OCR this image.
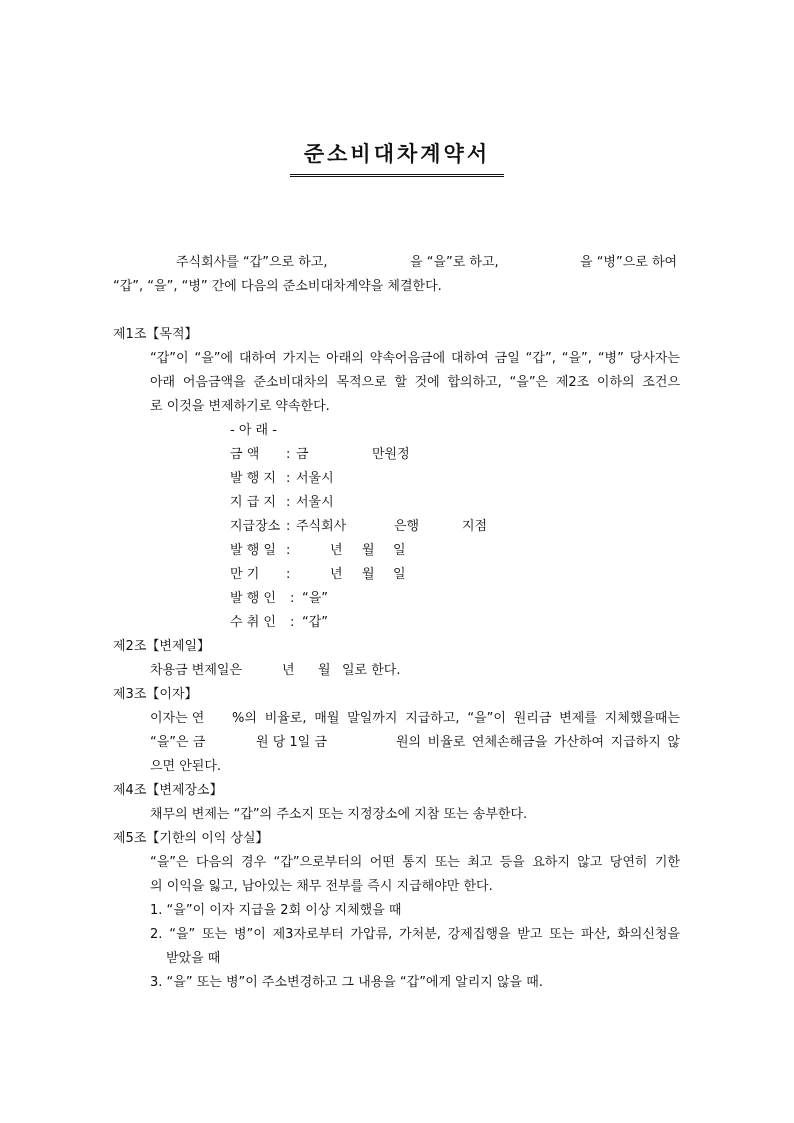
준소비대차계약서
주식회사를 “갑”으로 하고,	을 “을”로 하고,	을 “병”으로 하여
“갑”, “을”, “병” 간에 다음의 준소비대차계약을 체결한다.
제1조【목적】
“갑”이 “을”에 대하여 가지는 아래의 약속어음금에 대하여 금일 “갑”, “을”, “병” 당사자는
아래 어음금액을 준소비대차의 목적으로 할 것에 합의하고, “을”은 제2조 이하의 조건으
로 이것을 변제하기로 약속한다.
- 아 래 -
금 액 : 금	만원정
발 행 지 : 서울시
지 급 지 : 서울시
지급장소 : 주식회사	은행	지점
발 행 일 :	년 월 일
만 기 :	년 월 일
발 행 인 : “을”
수 취 인 : “갑”
제2조【변제일】
차용금 변제일은	년 월 일로 한다.
제3조【이자】
이자는 연 %의 비율로, 매월 말일까지 지급하고, “을”이 원리금 변제를 지체했을때는
“을”은 금	원 당 1일 금	원의 비율로 연체손해금을 가산하여 지급하지 않
으면 안된다.
제4조【변제장소】
채무의 변제는 “갑”의 주소지 또는 지정장소에 지참 또는 송부한다.
제5조【기한의 이익 상실】
“을”은 다음의 경우 “갑”으로부터의 어떤 통지 또는 최고 등을 요하지 않고 당연히 기한
의 이익을 잃고, 남아있는 채무 전부를 즉시 지급해야만 한다.
1. “을”이 이자 지급을 2회 이상 지체했을 때
2. “을” 또는 병”이 제3자로부터 가압류, 가처분, 강제집행을 받고 또는 파산, 화의신청을
받았을 때
3. “을” 또는 병”이 주소변경하고 그 내용을 “갑”에게 알리지 않을 때.
